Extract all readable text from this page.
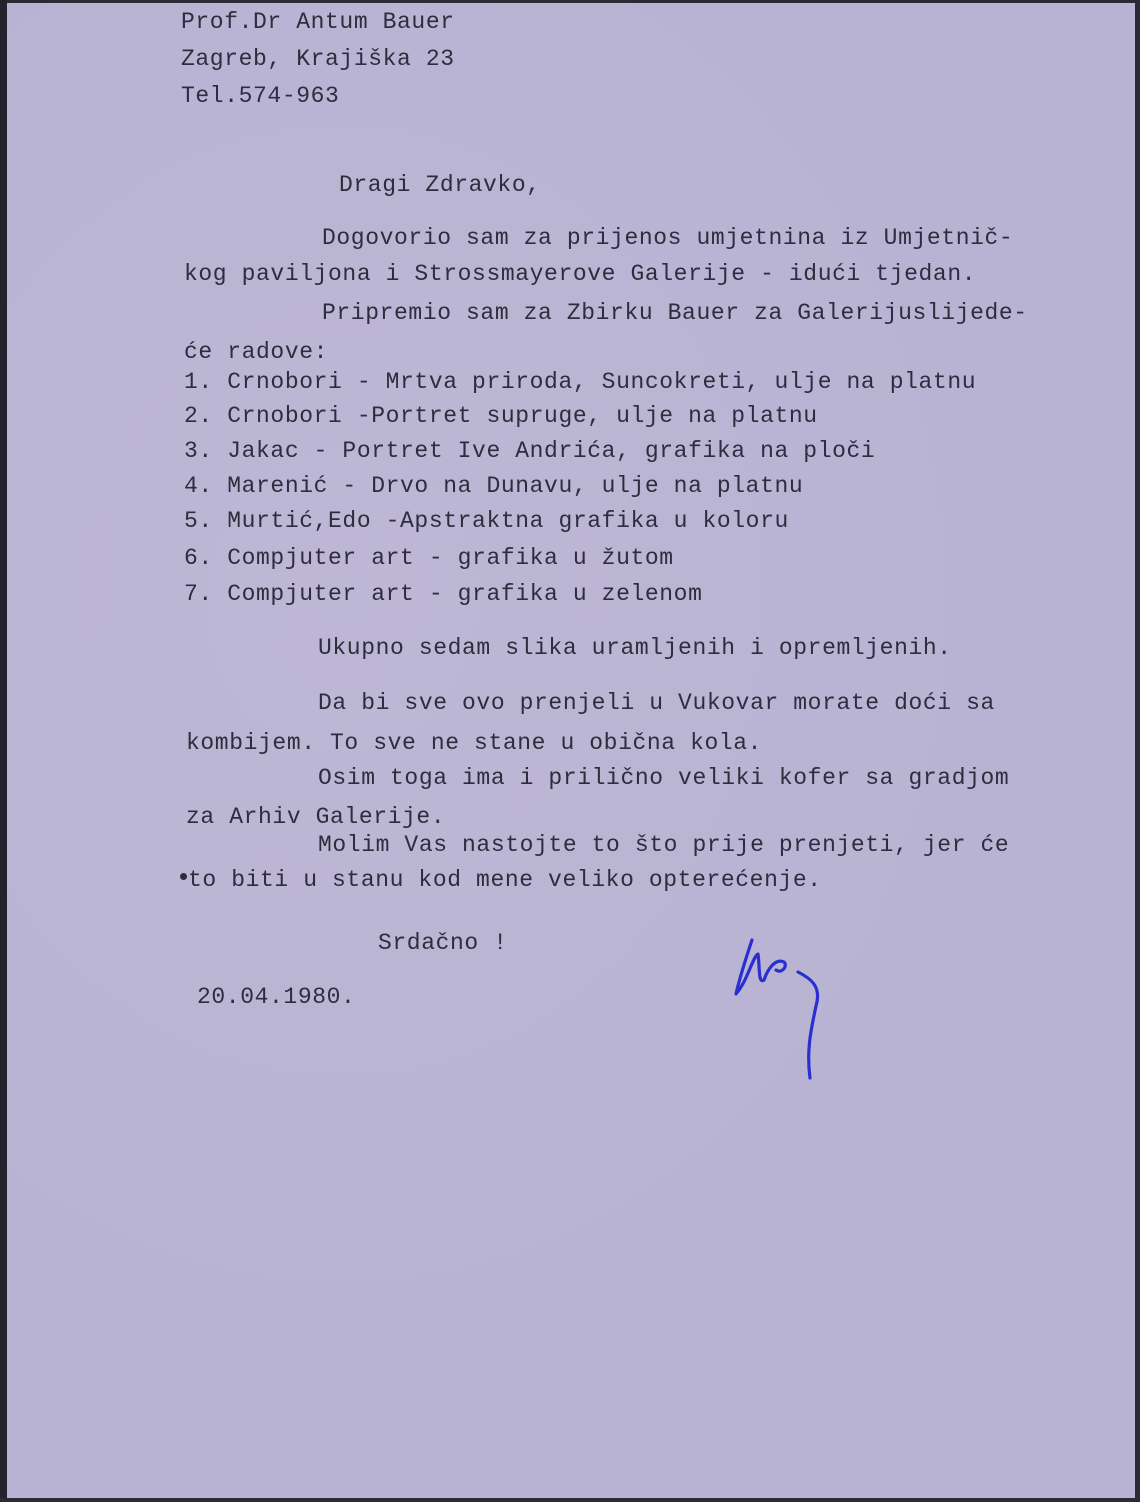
Prof.Dr Antum Bauer

Zagreb, Krajiška 23

Tel.574-963

Dragi Zdravko,

Dogovorio sam za prijenos umjetnina iz Umjetnič-

kog paviljona i Strossmayerove Galerije - idući tjedan.

Pripremio sam za Zbirku Bauer za Galerijuslijede-

će radove:

1. Crnobori - Mrtva priroda, Suncokreti, ulje na platnu

2. Crnobori -Portret supruge, ulje na platnu

3. Jakac - Portret Ive Andrića, grafika na ploči

4. Marenić - Drvo na Dunavu, ulje na platnu

5. Murtić,Edo -Apstraktna grafika u koloru

6. Compjuter art - grafika u žutom

7. Compjuter art - grafika u zelenom

Ukupno sedam slika uramljenih i opremljenih.

Da bi sve ovo prenjeli u Vukovar morate doći sa

kombijem. To sve ne stane u obična kola.

Osim toga ima i prilično veliki kofer sa gradjom

za Arhiv Galerije.

Molim Vas nastojte to što prije prenjeti, jer će

to biti u stanu kod mene veliko opterećenje.

Srdačno !

20.04.1980.
